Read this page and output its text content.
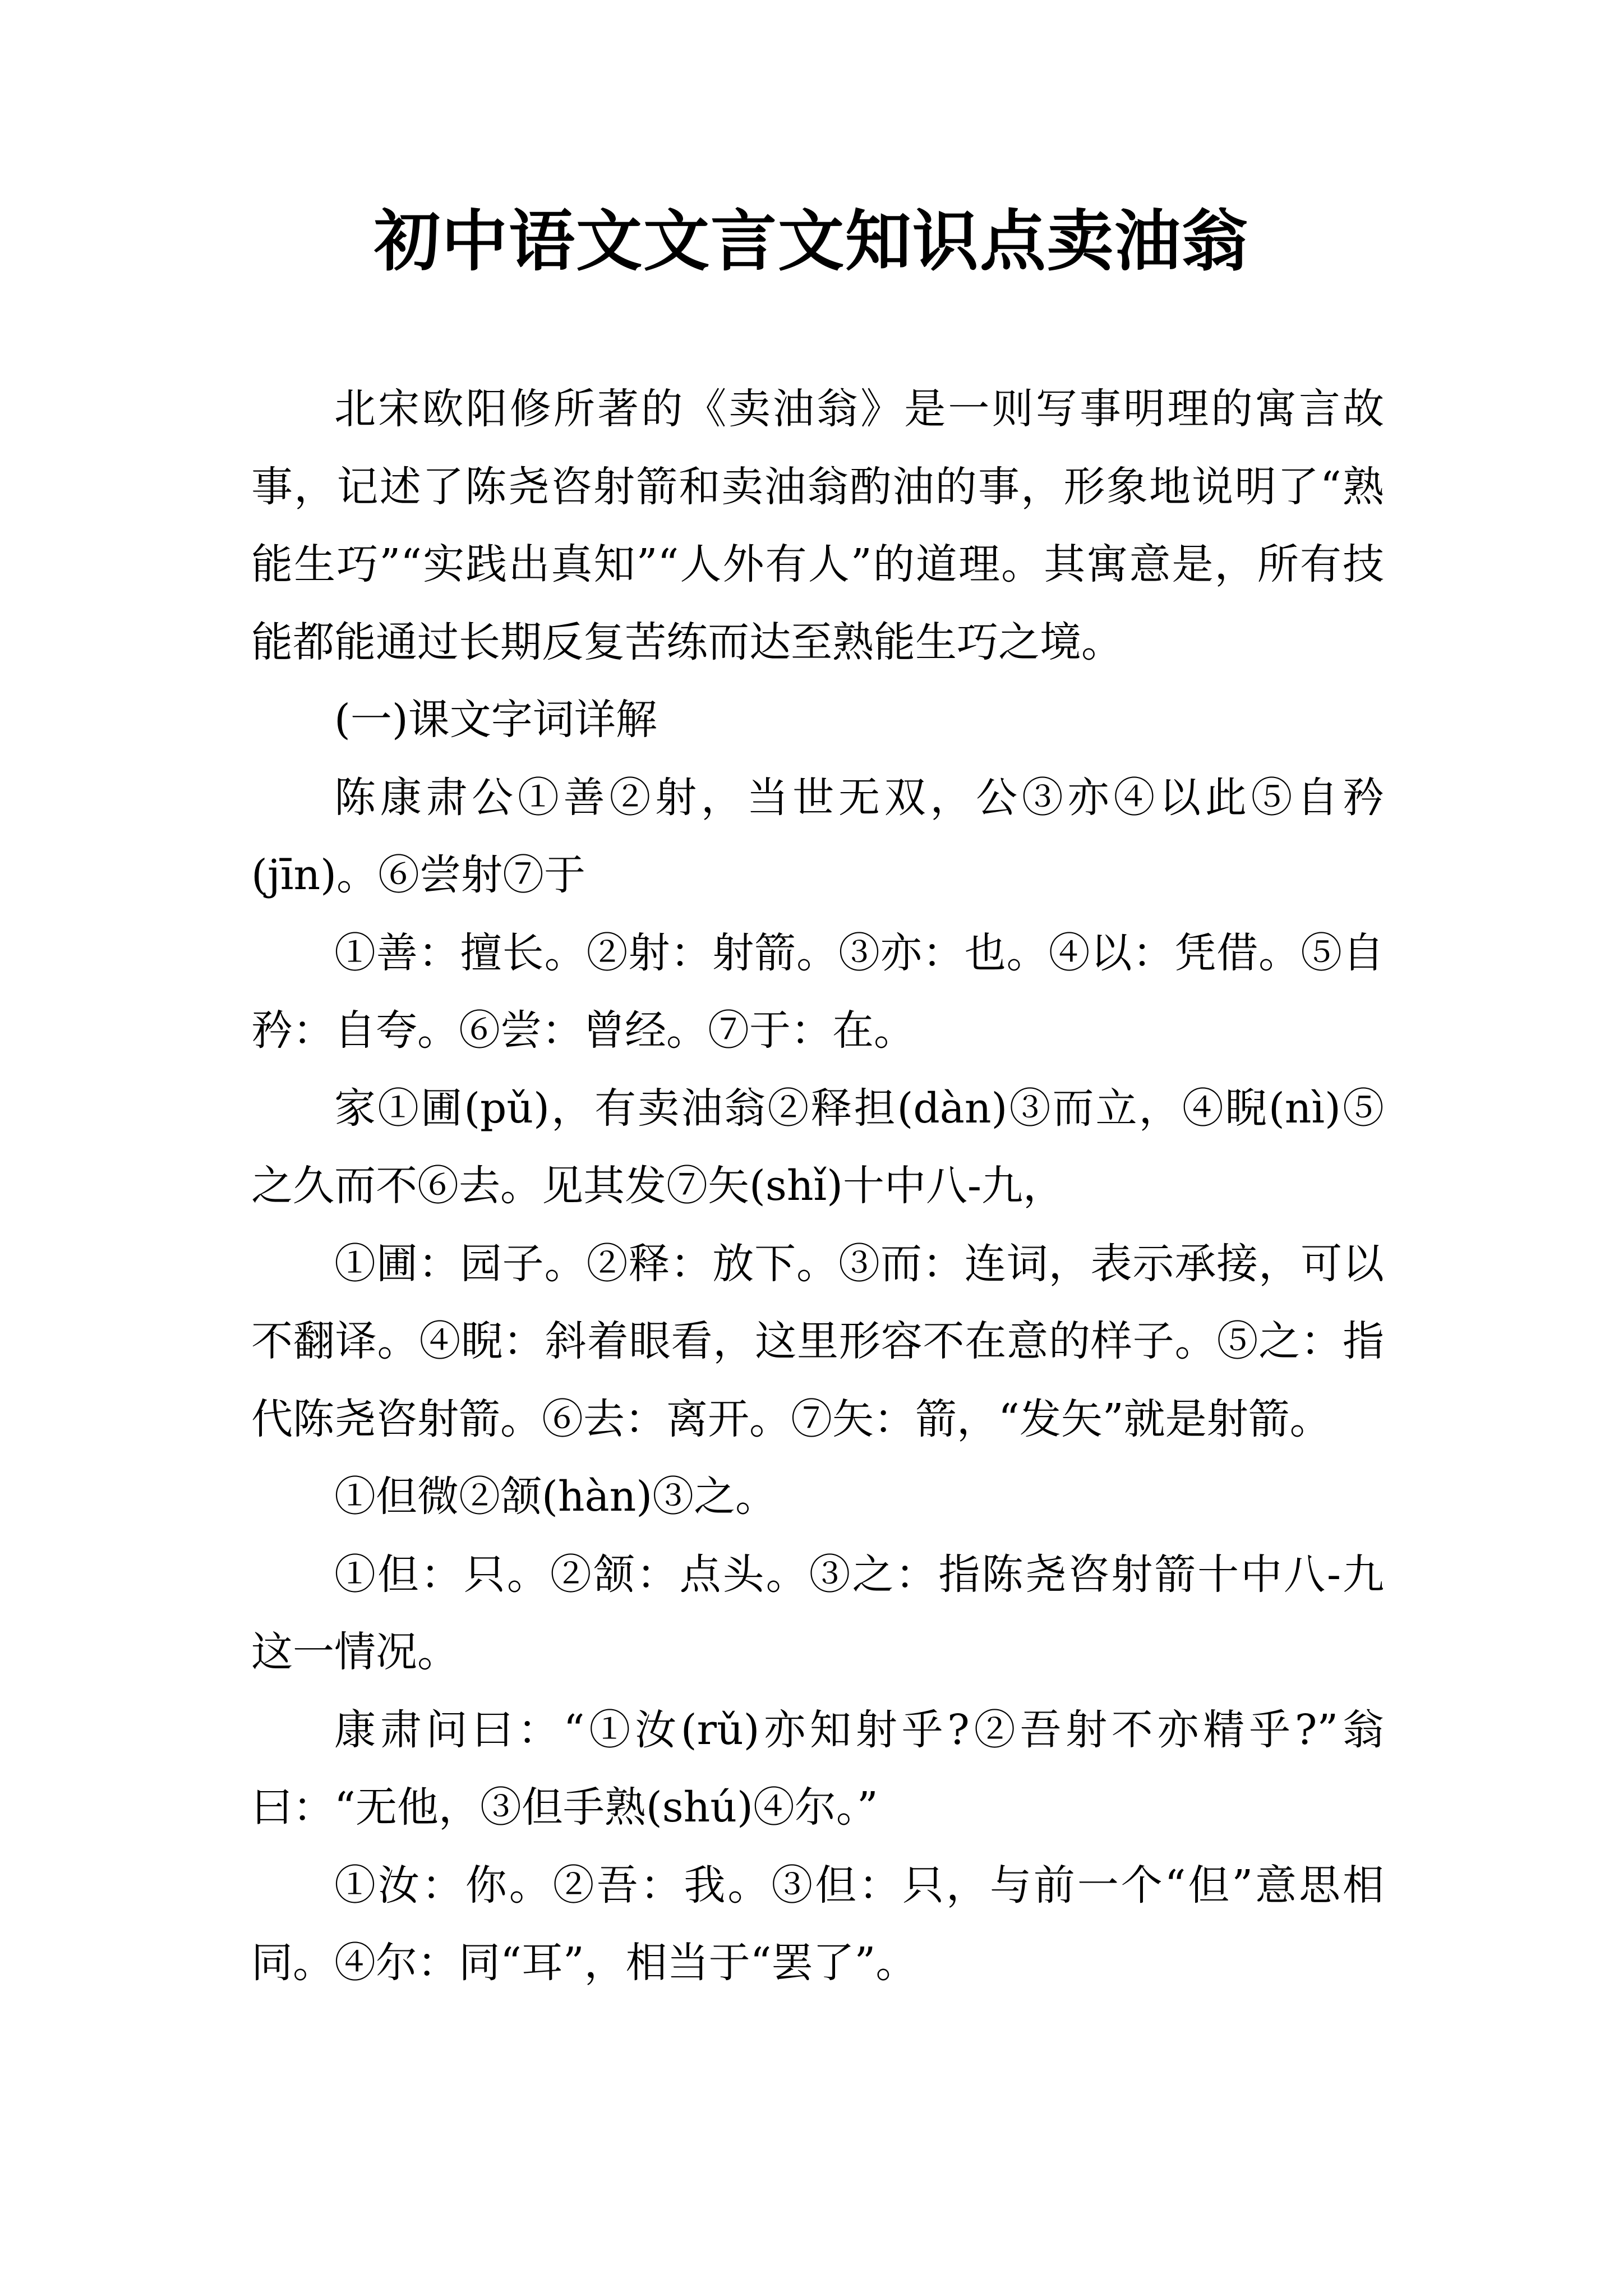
初中语文文言文知识点卖油翁

北宋欧阳修所著的《卖油翁》是一则写事明理的寓言故事，记述了陈尧咨射箭和卖油翁酌油的事，形象地说明了“熟能生巧”“实践出真知”“人外有人”的道理。其寓意是，所有技能都能通过长期反复苦练而达至熟能生巧之境。

(一)课文字词详解

陈康肃公①善②射，当世无双，公③亦④以此⑤自矜(jīn)。⑥尝射⑦于

①善：擅长。②射：射箭。③亦：也。④以：凭借。⑤自矜：自夸。⑥尝：曾经。⑦于：在。

家①圃(pǔ)，有卖油翁②释担(dàn)③而立，④睨(nì)⑤之久而不⑥去。见其发⑦矢(shǐ)十中八-九，

①圃：园子。②释：放下。③而：连词，表示承接，可以不翻译。④睨：斜着眼看，这里形容不在意的样子。⑤之：指代陈尧咨射箭。⑥去：离开。⑦矢：箭，“发矢”就是射箭。

①但微②颔(hàn)③之。

①但：只。②颔：点头。③之：指陈尧咨射箭十中八-九这一情况。

康肃问曰：“①汝(rǔ)亦知射乎?②吾射不亦精乎?”翁曰：“无他，③但手熟(shú)④尔。”

①汝：你。②吾：我。③但：只，与前一个“但”意思相同。④尔：同“耳”，相当于“罢了”。
